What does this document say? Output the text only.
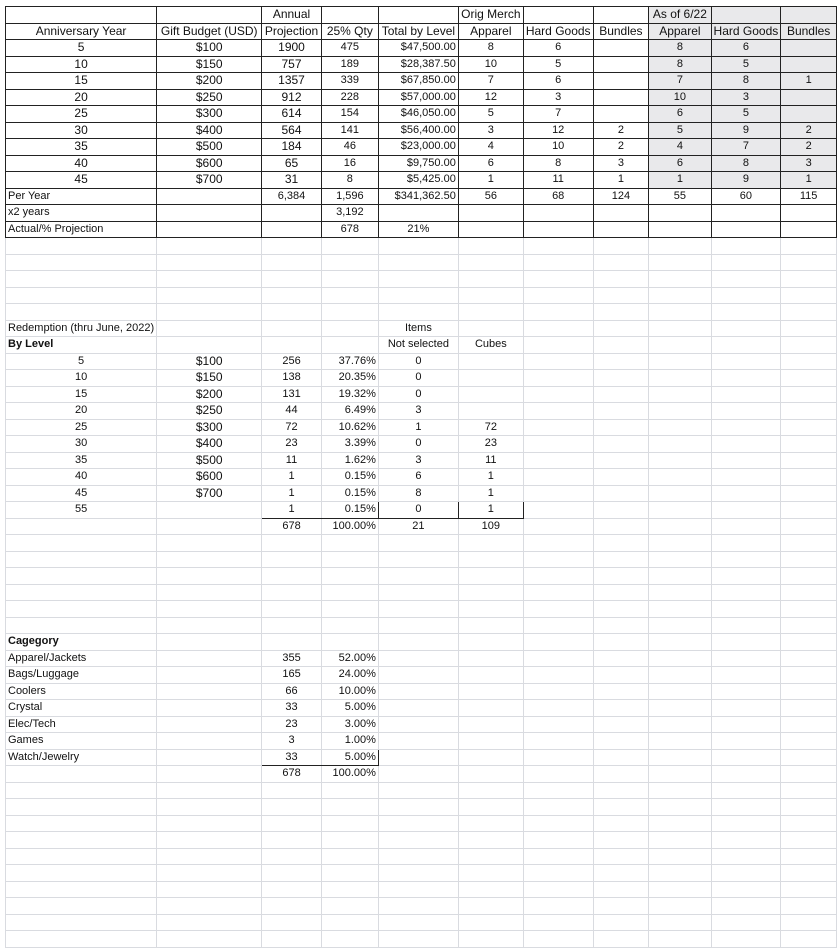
		Annual			Orig Merch			As of 6/22		
Anniversary Year	Gift Budget (USD)	Projection	25% Qty	Total by Level	Apparel	Hard Goods	Bundles	Apparel	Hard Goods	Bundles
5	$100	1900	475	$47,500.00	8	6		8	6	
10	$150	757	189	$28,387.50	10	5		8	5	
15	$200	1357	339	$67,850.00	7	6		7	8	1
20	$250	912	228	$57,000.00	12	3		10	3	
25	$300	614	154	$46,050.00	5	7		6	5	
30	$400	564	141	$56,400.00	3	12	2	5	9	2
35	$500	184	46	$23,000.00	4	10	2	4	7	2
40	$600	65	16	$9,750.00	6	8	3	6	8	3
45	$700	31	8	$5,425.00	1	11	1	1	9	1
Per Year		6,384	1,596	$341,362.50	56	68	124	55	60	115
x2 years			3,192							
Actual/% Projection			678	21%						

Redemption (thru June, 2022)				Items						
By Level				Not selected	Cubes					
5	$100	256	37.76%	0						
10	$150	138	20.35%	0						
15	$200	131	19.32%	0						
20	$250	44	6.49%	3						
25	$300	72	10.62%	1	72					
30	$400	23	3.39%	0	23					
35	$500	11	1.62%	3	11					
40	$600	1	0.15%	6	1					
45	$700	1	0.15%	8	1					
55		1	0.15%	0	1					
		678	100.00%	21	109					

Cagegory										
Apparel/Jackets		355	52.00%							
Bags/Luggage		165	24.00%							
Coolers		66	10.00%							
Crystal		33	5.00%							
Elec/Tech		23	3.00%							
Games		3	1.00%							
Watch/Jewelry		33	5.00%							
		678	100.00%							
